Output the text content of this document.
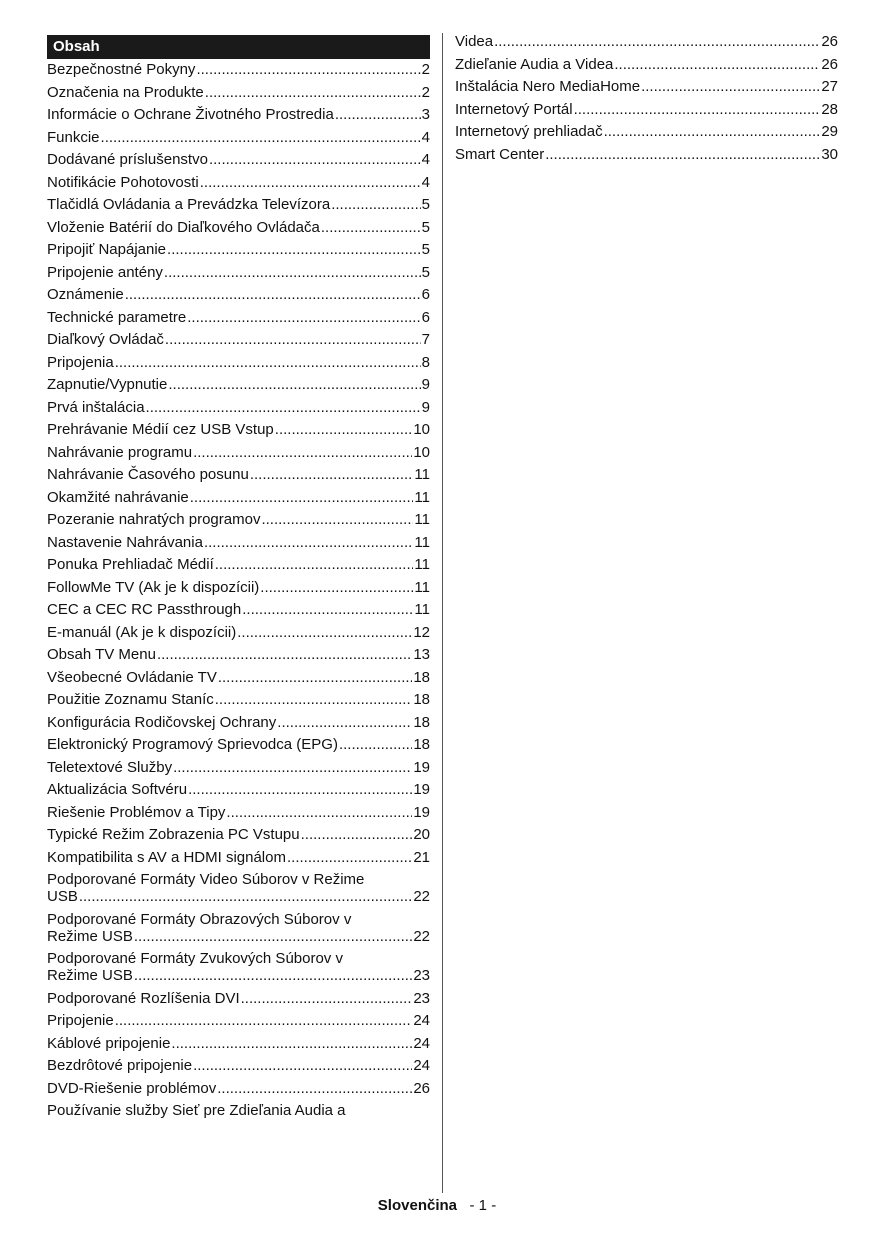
Obsah
Bezpečnostné Pokyny .....	2
Označenia na Produkte .....	2
Informácie o Ochrane Životného Prostredia .....	3
Funkcie .....	4
Dodávané príslušenstvo .....	4
Notifikácie Pohotovosti .....	4
Tlačidlá Ovládania a Prevádzka Televízora .....	5
Vloženie Batérií do Diaľkového Ovládača .....	5
Pripojiť Napájanie .....	5
Pripojenie antény .....	5
Oznámenie .....	6
Technické parametre .....	6
Diaľkový Ovládač .....	7
Pripojenia .....	8
Zapnutie/Vypnutie .....	9
Prvá inštalácia .....	9
Prehrávanie Médií cez USB Vstup .....	10
Nahrávanie programu .....	10
Nahrávanie Časového posunu .....	11
Okamžité nahrávanie .....	11
Pozeranie nahratých programov .....	11
Nastavenie Nahrávania .....	11
Ponuka Prehliadač Médií .....	11
FollowMe TV (Ak je k dispozícii) .....	11
CEC a CEC RC Passthrough .....	11
E-manuál (Ak je k dispozícii) .....	12
Obsah TV Menu .....	13
Všeobecné Ovládanie TV .....	18
Použitie Zoznamu Staníc .....	18
Konfigurácia Rodičovskej Ochrany .....	18
Elektronický Programový Sprievodca (EPG) .....	18
Teletextové Služby .....	19
Aktualizácia Softvéru .....	19
Riešenie Problémov a Tipy .....	19
Typické Režim Zobrazenia PC Vstupu .....	20
Kompatibilita s AV a HDMI signálom .....	21
Podporované Formáty Video Súborov v Režime
USB .....	22
Podporované Formáty Obrazových Súborov v
Režime USB .....	22
Podporované Formáty Zvukových Súborov v
Režime USB .....	23
Podporované Rozlíšenia DVI .....	23
Pripojenie .....	24
Káblové pripojenie .....	24
Bezdrôtové pripojenie .....	24
DVD-Riešenie problémov .....	26
Používanie služby Sieť pre Zdieľania Audia a
Videa .....	26
Zdieľanie Audia a Videa .....	26
Inštalácia Nero MediaHome .....	27
Internetový Portál .....	28
Internetový prehliadač .....	29
Smart Center .....	30
Slovenčina - 1 -
